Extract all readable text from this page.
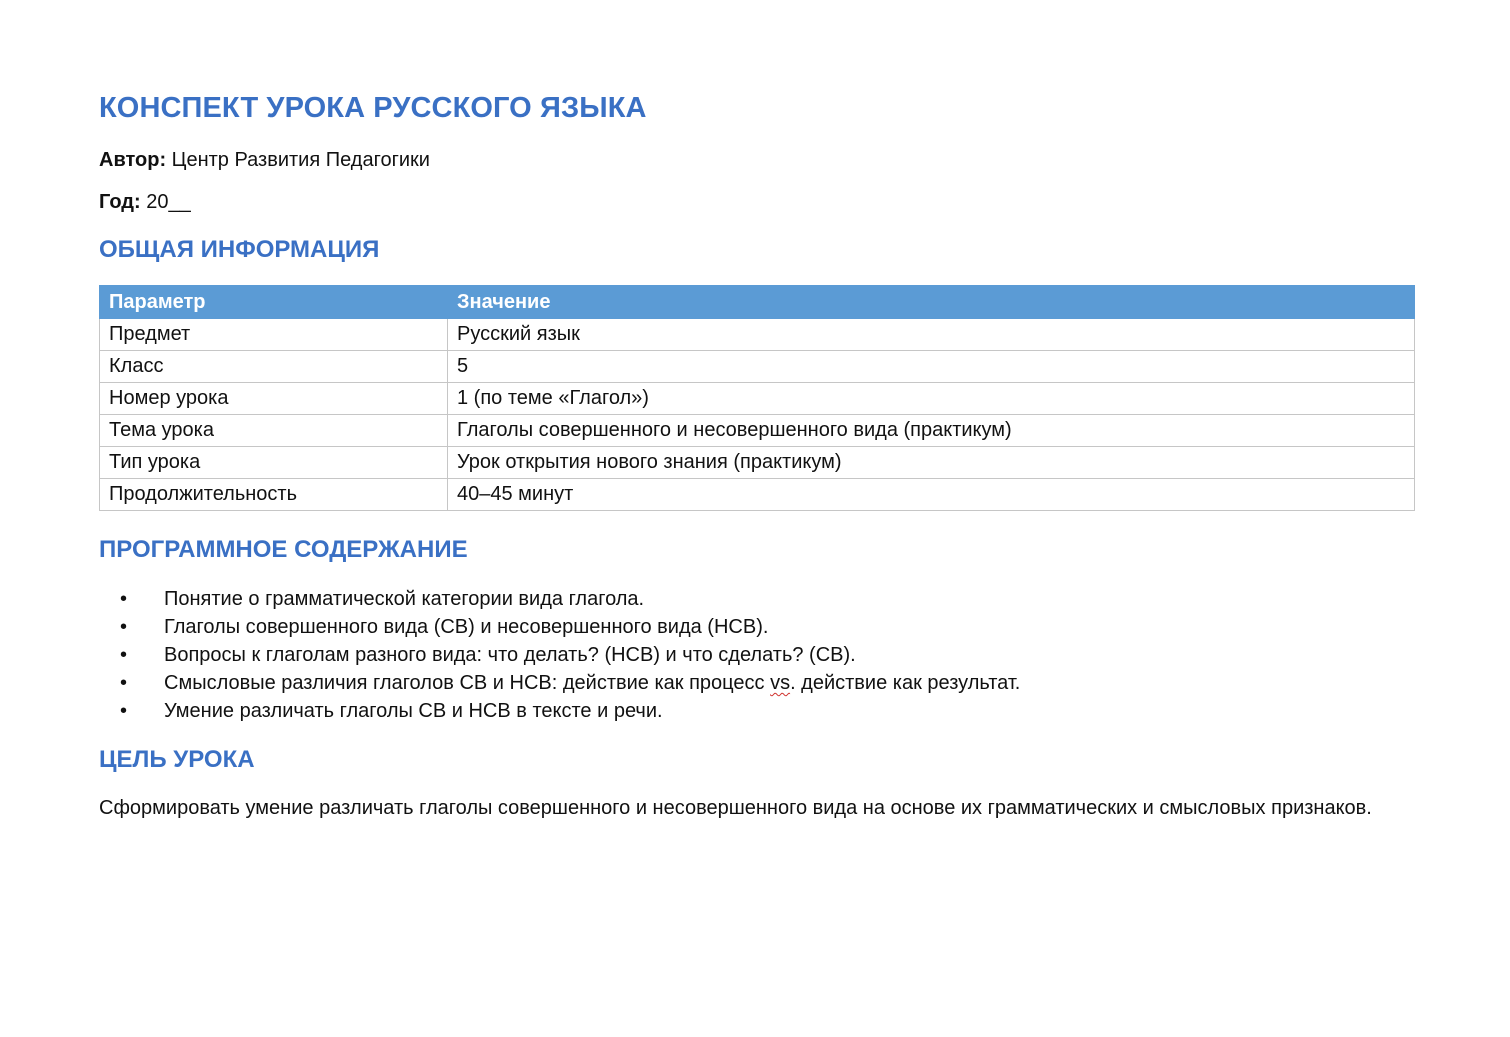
КОНСПЕКТ УРОКА РУССКОГО ЯЗЫКА

Автор: Центр Развития Педагогики

Год: 20__

ОБЩАЯ ИНФОРМАЦИЯ
Параметр	Значение
Предмет	Русский язык
Класс	5
Номер урока	1 (по теме «Глагол»)
Тема урока	Глаголы совершенного и несовершенного вида (практикум)
Тип урока	Урок открытия нового знания (практикум)
Продолжительность	40–45 минут
ПРОГРАММНОЕ СОДЕРЖАНИЕ
• Понятие о грамматической категории вида глагола.
• Глаголы совершенного вида (СВ) и несовершенного вида (НСВ).
• Вопросы к глаголам разного вида: что делать? (НСВ) и что сделать? (СВ).
• Смысловые различия глаголов СВ и НСВ: действие как процесс vs. действие как результат.
• Умение различать глаголы СВ и НСВ в тексте и речи.
ЦЕЛЬ УРОКА

Сформировать умение различать глаголы совершенного и несовершенного вида на основе их грамматических и смысловых признаков.
